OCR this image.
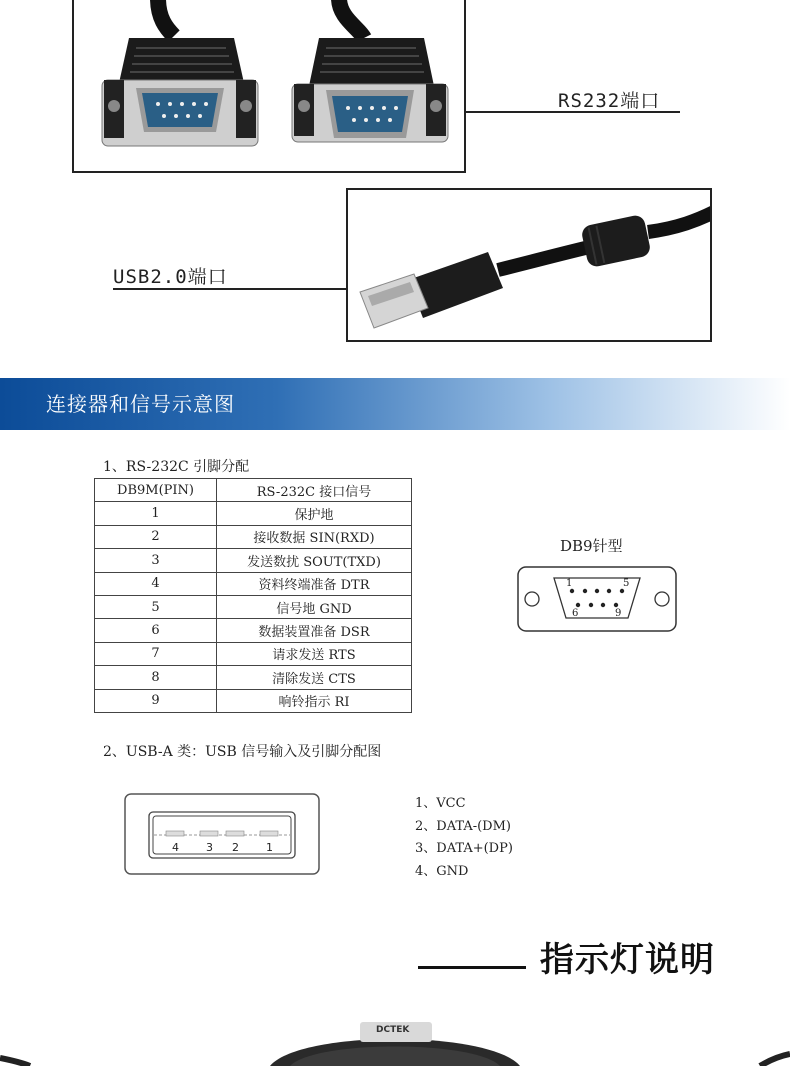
RS232端口
USB2.0端口
连接器和信号示意图
1、RS-232C 引脚分配
DB9M(PIN)	RS-232C 接口信号
1	保护地
2	接收数据 SIN(RXD)
3	发送数扰 SOUT(TXD)
4	资料终端准备 DTR
5	信号地 GND
6	数据装置准备 DSR
7	请求发送 RTS
8	清除发送 CTS
9	响铃指示 RI
DB9针型
1	5
6	9
2、USB-A 类：USB 信号输入及引脚分配图
4 3 2 1
1、VCC
2、DATA-(DM)
3、DATA+(DP)
4、GND
指示灯说明
DCTEK
